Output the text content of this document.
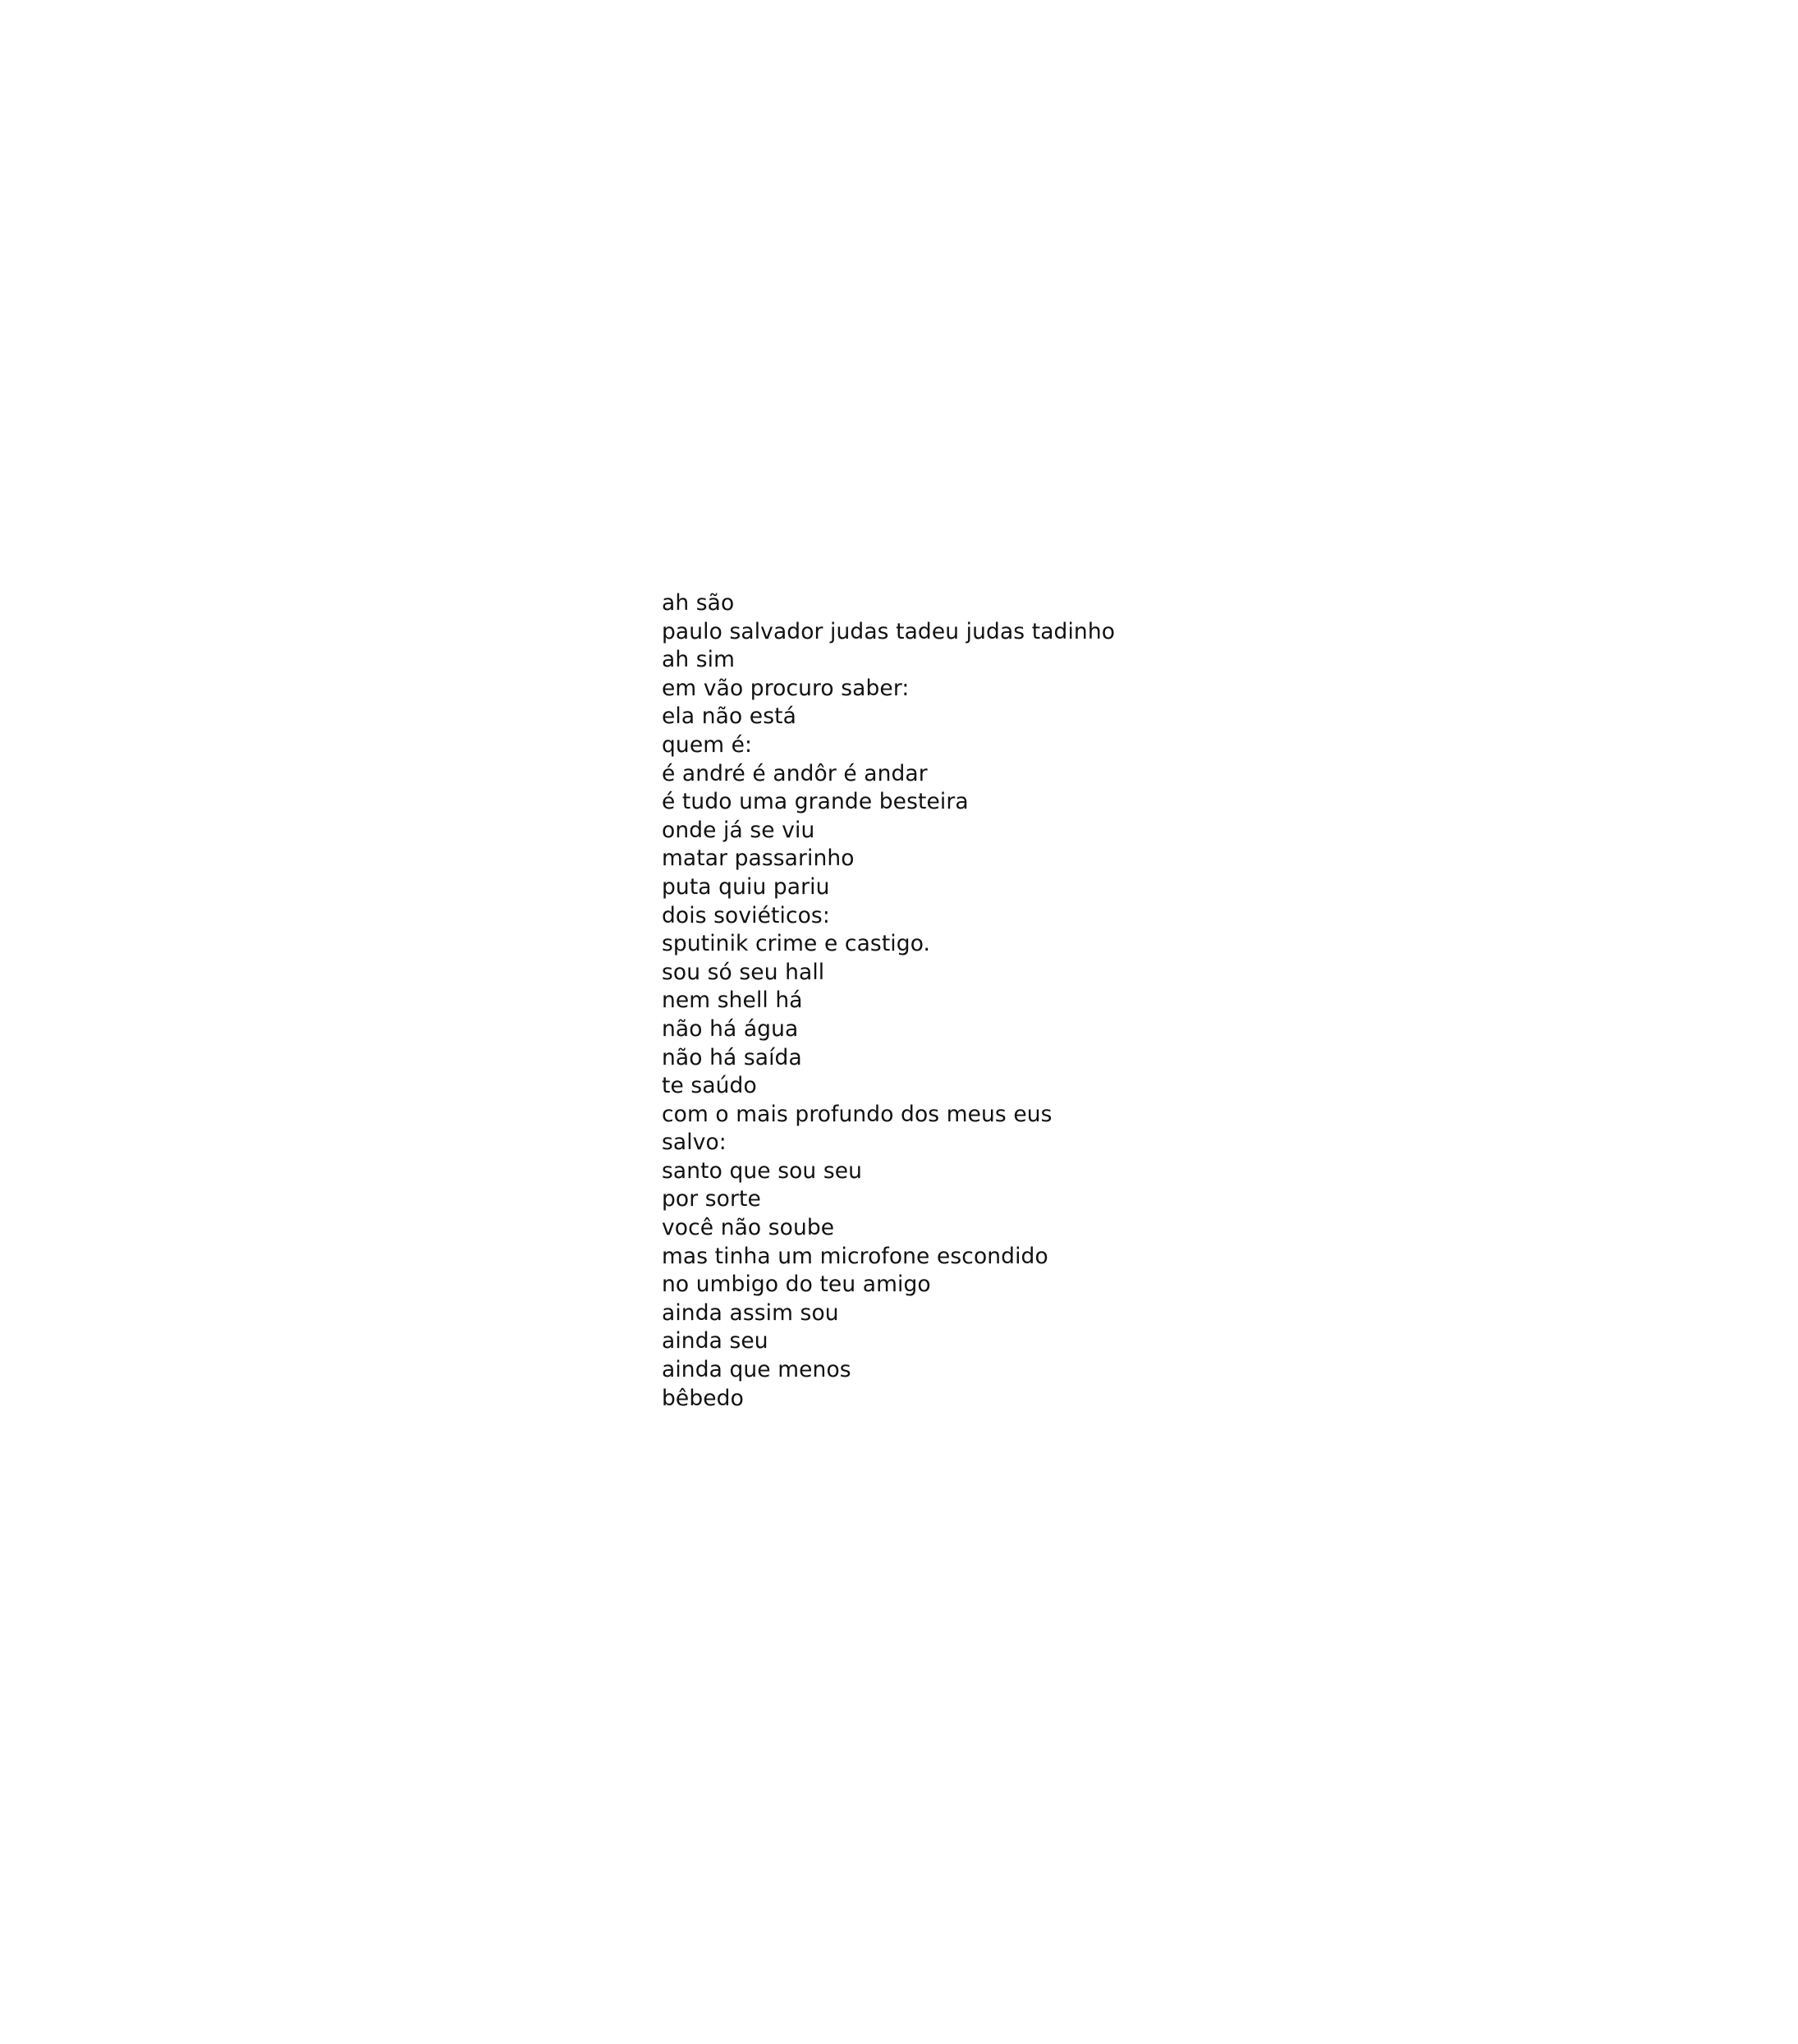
ah são
paulo salvador judas tadeu judas tadinho
ah sim
em vão procuro saber:
ela não está
quem é:
é andré é andôr é andar
é tudo uma grande besteira
onde já se viu
matar passarinho
puta quiu pariu
dois soviéticos:
sputinik crime e castigo.
sou só seu hall
nem shell há
não há água
não há saída
te saúdo
com o mais profundo dos meus eus
salvo:
santo que sou seu
por sorte
você não soube
mas tinha um microfone escondido
no umbigo do teu amigo
ainda assim sou
ainda seu
ainda que menos
bêbedo
